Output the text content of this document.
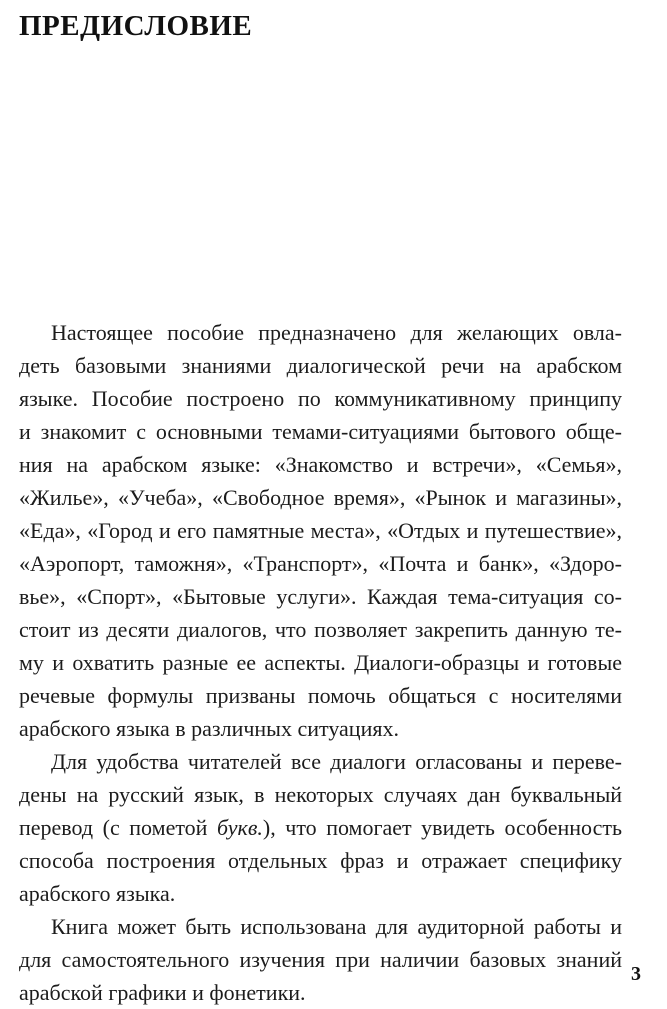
ПРЕДИСЛОВИЕ
Настоящее пособие предназначено для желающих овла-
деть базовыми знаниями диалогической речи на арабском
языке. Пособие построено по коммуникативному принципу
и знакомит с основными темами-ситуациями бытового обще-
ния на арабском языке: «Знакомство и встречи», «Семья»,
«Жилье», «Учеба», «Свободное время», «Рынок и магазины»,
«Еда», «Город и его памятные места», «Отдых и путешествие»,
«Аэропорт, таможня», «Транспорт», «Почта и банк», «Здоро-
вье», «Спорт», «Бытовые услуги». Каждая тема-ситуация со-
стоит из десяти диалогов, что позволяет закрепить данную те-
му и охватить разные ее аспекты. Диалоги-образцы и готовые
речевые формулы призваны помочь общаться с носителями
арабского языка в различных ситуациях.
Для удобства читателей все диалоги огласованы и переве-
дены на русский язык, в некоторых случаях дан буквальный
перевод (с пометой букв.), что помогает увидеть особенность
способа построения отдельных фраз и отражает специфику
арабского языка.
Книга может быть использована для аудиторной работы и
для самостоятельного изучения при наличии базовых знаний
арабской графики и фонетики.
3
